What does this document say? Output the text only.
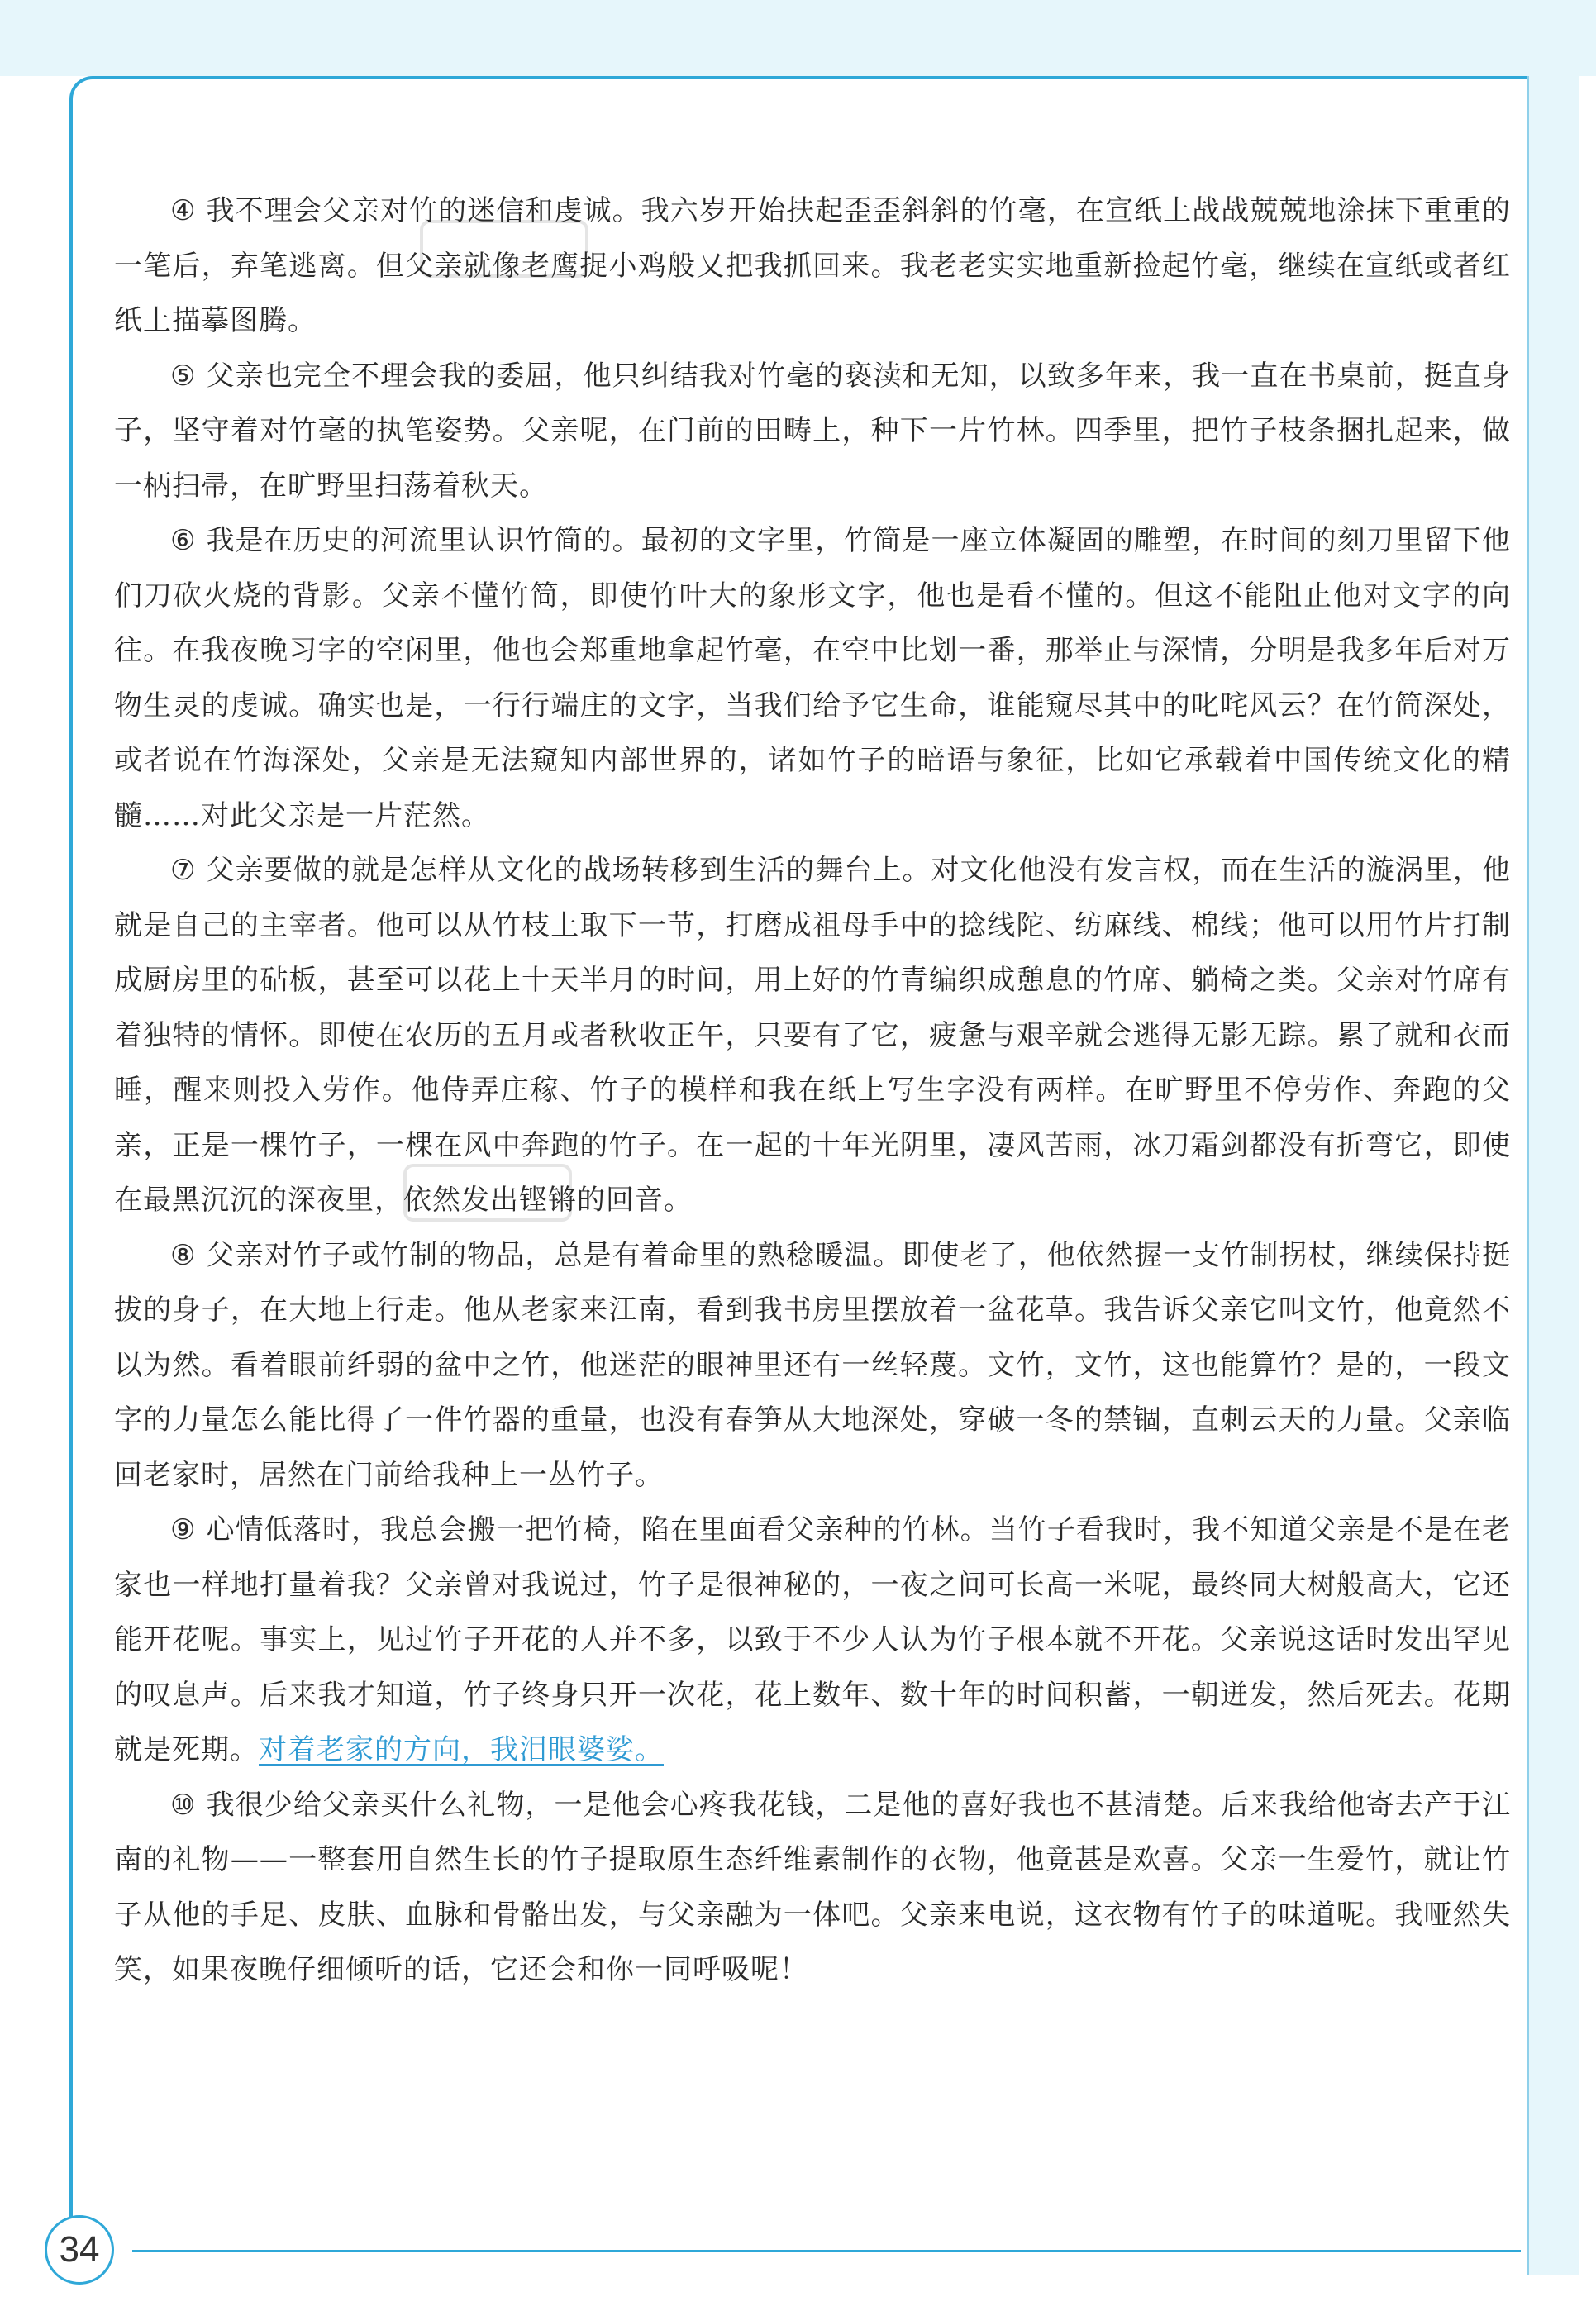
34

④ 我不理会父亲对竹的迷信和虔诚。我六岁开始扶起歪歪斜斜的竹毫，在宣纸上战战兢兢地涂抹下重重的一笔后，弃笔逃离。但父亲就像老鹰捉小鸡般又把我抓回来。我老老实实地重新捡起竹毫，继续在宣纸或者红纸上描摹图腾。

⑤ 父亲也完全不理会我的委屈，他只纠结我对竹毫的亵渎和无知，以致多年来，我一直在书桌前，挺直身子，坚守着对竹毫的执笔姿势。父亲呢，在门前的田畴上，种下一片竹林。四季里，把竹子枝条捆扎起来，做一柄扫帚，在旷野里扫荡着秋天。

⑥ 我是在历史的河流里认识竹简的。最初的文字里，竹简是一座立体凝固的雕塑，在时间的刻刀里留下他们刀砍火烧的背影。父亲不懂竹简，即使竹叶大的象形文字，他也是看不懂的。但这不能阻止他对文字的向往。在我夜晚习字的空闲里，他也会郑重地拿起竹毫，在空中比划一番，那举止与深情，分明是我多年后对万物生灵的虔诚。确实也是，一行行端庄的文字，当我们给予它生命，谁能窥尽其中的叱咤风云？在竹简深处，或者说在竹海深处，父亲是无法窥知内部世界的，诸如竹子的暗语与象征，比如它承载着中国传统文化的精髓……对此父亲是一片茫然。

⑦ 父亲要做的就是怎样从文化的战场转移到生活的舞台上。对文化他没有发言权，而在生活的漩涡里，他就是自己的主宰者。他可以从竹枝上取下一节，打磨成祖母手中的捻线陀、纺麻线、棉线；他可以用竹片打制成厨房里的砧板，甚至可以花上十天半月的时间，用上好的竹青编织成憩息的竹席、躺椅之类。父亲对竹席有着独特的情怀。即使在农历的五月或者秋收正午，只要有了它，疲惫与艰辛就会逃得无影无踪。累了就和衣而睡，醒来则投入劳作。他侍弄庄稼、竹子的模样和我在纸上写生字没有两样。在旷野里不停劳作、奔跑的父亲，正是一棵竹子，一棵在风中奔跑的竹子。在一起的十年光阴里，凄风苦雨，冰刀霜剑都没有折弯它，即使在最黑沉沉的深夜里，依然发出铿锵的回音。

⑧ 父亲对竹子或竹制的物品，总是有着命里的熟稔暖温。即使老了，他依然握一支竹制拐杖，继续保持挺拔的身子，在大地上行走。他从老家来江南，看到我书房里摆放着一盆花草。我告诉父亲它叫文竹，他竟然不以为然。看着眼前纤弱的盆中之竹，他迷茫的眼神里还有一丝轻蔑。文竹，文竹，这也能算竹？是的，一段文字的力量怎么能比得了一件竹器的重量，也没有春笋从大地深处，穿破一冬的禁锢，直刺云天的力量。父亲临回老家时，居然在门前给我种上一丛竹子。

⑨ 心情低落时，我总会搬一把竹椅，陷在里面看父亲种的竹林。当竹子看我时，我不知道父亲是不是在老家也一样地打量着我？父亲曾对我说过，竹子是很神秘的，一夜之间可长高一米呢，最终同大树般高大，它还能开花呢。事实上，见过竹子开花的人并不多，以致于不少人认为竹子根本就不开花。父亲说这话时发出罕见的叹息声。后来我才知道，竹子终身只开一次花，花上数年、数十年的时间积蓄，一朝迸发，然后死去。花期就是死期。对着老家的方向，我泪眼婆娑。

⑩ 我很少给父亲买什么礼物，一是他会心疼我花钱，二是他的喜好我也不甚清楚。后来我给他寄去产于江南的礼物——一整套用自然生长的竹子提取原生态纤维素制作的衣物，他竟甚是欢喜。父亲一生爱竹，就让竹子从他的手足、皮肤、血脉和骨骼出发，与父亲融为一体吧。父亲来电说，这衣物有竹子的味道呢。我哑然失笑，如果夜晚仔细倾听的话，它还会和你一同呼吸呢！
